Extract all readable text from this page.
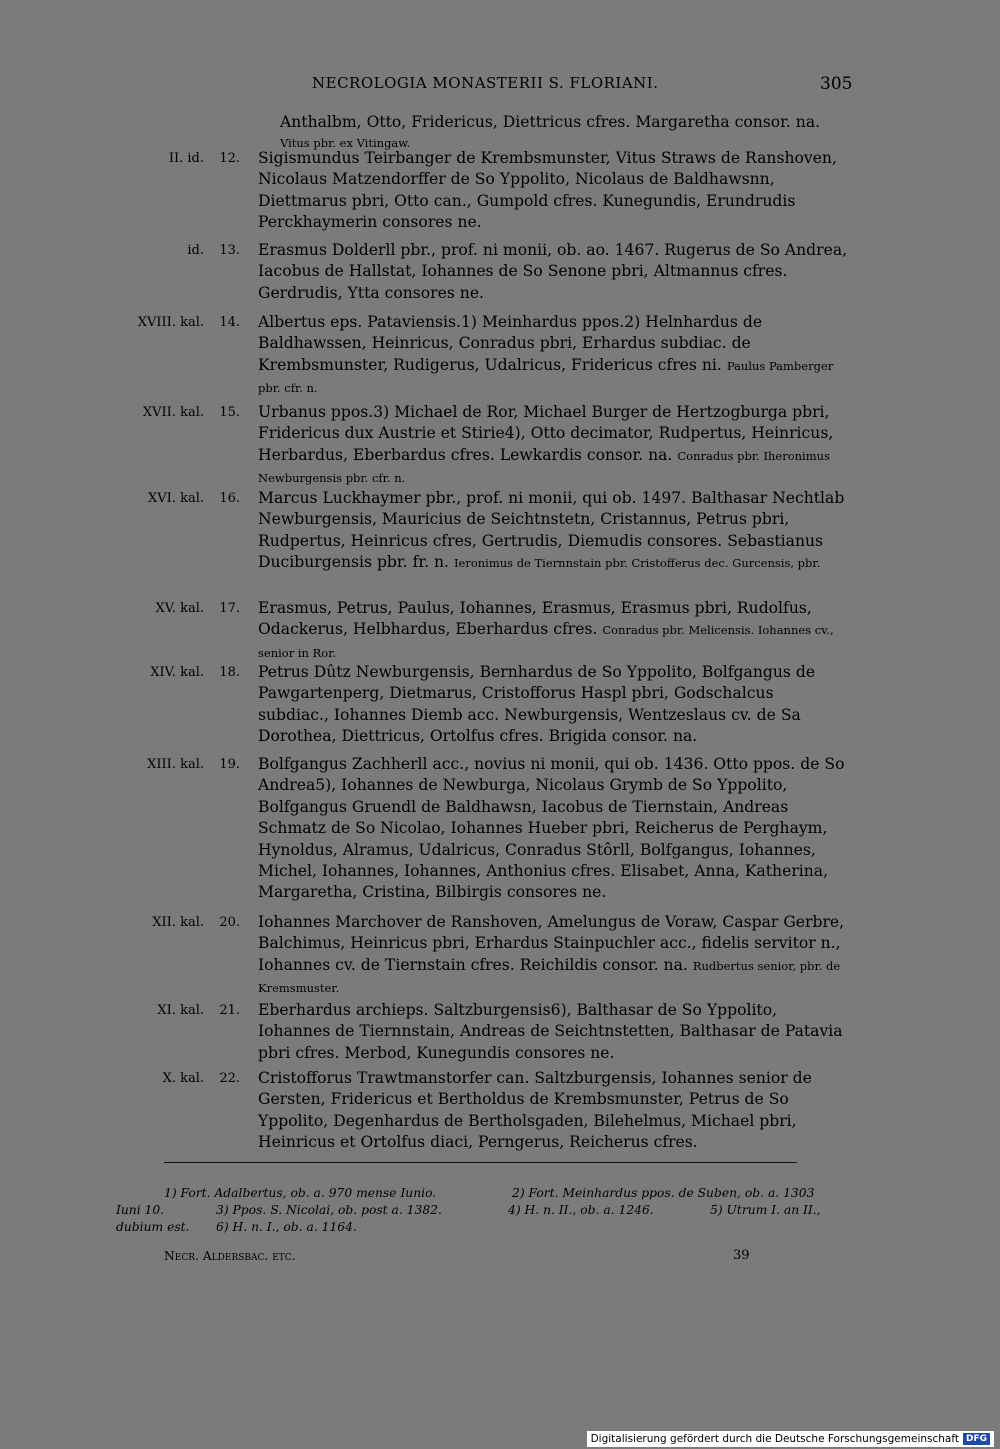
NECROLOGIA MONASTERII S. FLORIANI.	305
Anthalbm, Otto, Fridericus, Diettricus cfres. Margaretha consor. na.
Vitus pbr. ex Vitingaw.
II. id.	12. Sigismundus Teirbanger de Krembsmunster, Vitus Straws de Ranshoven, Nicolaus Matzendorffer de So Yppolito, Nicolaus de Baldhawsnn, Diettmarus pbri, Otto can., Gumpold cfres. Kunegundis, Erundrudis Perckhaymerin consores ne.
id.	13. Erasmus Dolderll pbr., prof. ni monii, ob. ao. 1467. Rugerus de So Andrea, Iacobus de Hallstat, Iohannes de So Senone pbri, Altmannus cfres. Gerdrudis, Ytta consores ne.
XVIII. kal.	14. Albertus eps. Pataviensis.1) Meinhardus ppos.2) Helnhardus de Baldhawssen, Heinricus, Conradus pbri, Erhardus subdiac. de Krembsmunster, Rudigerus, Udalricus, Fridericus cfres ni. Paulus Pamberger pbr. cfr. n.
XVII. kal.	15. Urbanus ppos.3) Michael de Ror, Michael Burger de Hertzogburga pbri, Fridericus dux Austrie et Stirie4), Otto decimator, Rudpertus, Heinricus, Herbardus, Eberbardus cfres. Lewkardis consor. na. Conradus pbr. Iheronimus Newburgensis pbr. cfr. n.
XVI. kal.	16. Marcus Luckhaymer pbr., prof. ni monii, qui ob. 1497. Balthasar Nechtlab Newburgensis, Mauricius de Seichtnstetn, Cristannus, Petrus pbri, Rudpertus, Heinricus cfres, Gertrudis, Diemudis consores. Sebastianus Duciburgensis pbr. fr. n. Ieronimus de Tiernnstain pbr. Cristofferus dec. Gurcensis, pbr.
XV. kal.	17. Erasmus, Petrus, Paulus, Iohannes, Erasmus, Erasmus pbri, Rudolfus, Odackerus, Helbhardus, Eberhardus cfres. Conradus pbr. Melicensis. Iohannes cv., senior in Ror.
XIV. kal.	18. Petrus Dûtz Newburgensis, Bernhardus de So Yppolito, Bolfgangus de Pawgartenperg, Dietmarus, Cristofforus Haspl pbri, Godschalcus subdiac., Iohannes Diemb acc. Newburgensis, Wentzeslaus cv. de Sa Dorothea, Diettricus, Ortolfus cfres. Brigida consor. na.
XIII. kal.	19. Bolfgangus Zachherll acc., novius ni monii, qui ob. 1436. Otto ppos. de So Andrea5), Iohannes de Newburga, Nicolaus Grymb de So Yppolito, Bolfgangus Gruendl de Baldhawsn, Iacobus de Tiernstain, Andreas Schmatz de So Nicolao, Iohannes Hueber pbri, Reicherus de Perghaym, Hynoldus, Alramus, Udalricus, Conradus Stôrll, Bolfgangus, Iohannes, Michel, Iohannes, Iohannes, Anthonius cfres. Elisabet, Anna, Katherina, Margaretha, Cristina, Bilbirgis consores ne.
XII. kal.	20. Iohannes Marchover de Ranshoven, Amelungus de Voraw, Caspar Gerbre, Balchimus, Heinricus pbri, Erhardus Stainpuchler acc., fidelis servitor n., Iohannes cv. de Tiernstain cfres. Reichildis consor. na. Rudbertus senior, pbr. de Kremsmuster.
XI. kal.	21. Eberhardus archieps. Saltzburgensis6), Balthasar de So Yppolito, Iohannes de Tiernnstain, Andreas de Seichtnstetten, Balthasar de Patavia pbri cfres. Merbod, Kunegundis consores ne.
X. kal.	22. Cristofforus Trawtmanstorfer can. Saltzburgensis, Iohannes senior de Gersten, Fridericus et Bertholdus de Krembsmunster, Petrus de So Yppolito, Degenhardus de Bertholsgaden, Bilehelmus, Michael pbri, Heinricus et Ortolfus diaci, Perngerus, Reicherus cfres.
1) Fort. Adalbertus, ob. a. 970 mense Iunio.	2) Fort. Meinhardus ppos. de Suben, ob. a. 1303
Iuni 10.	3) Ppos. S. Nicolai, ob. post a. 1382.	4) H. n. II., ob. a. 1246.	5) Utrum I. an II.,
dubium est. 6) H. n. I., ob. a. 1164.
Necr. Aldersbac. etc.	39
Digitalisierung gefördert durch die Deutsche Forschungsgemeinschaft DFG
